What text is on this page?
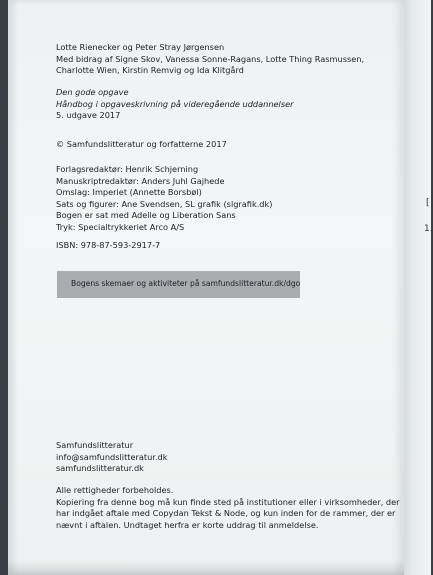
[
1.
Lotte Rienecker og Peter Stray Jørgensen
Med bidrag af Signe Skov, Vanessa Sonne-Ragans, Lotte Thing Rasmussen,
Charlotte Wien, Kirstin Remvig og Ida Klitgård
Den gode opgave
Håndbog i opgaveskrivning på videregående uddannelser
5. udgave 2017
© Samfundslitteratur og forfatterne 2017
Forlagsredaktør: Henrik Schjerning
Manuskriptredaktør: Anders Juhl Gajhede
Omslag: Imperiet (Annette Borsbøl)
Sats og figurer: Ane Svendsen, SL grafik (slgrafik.dk)
Bogen er sat med Adelle og Liberation Sans
Tryk: Specialtrykkeriet Arco A/S
ISBN: 978-87-593-2917-7
Bogens skemaer og aktiviteter på samfundslitteratur.dk/dgo
Samfundslitteratur
info@samfundslitteratur.dk
samfundslitteratur.dk
Alle rettigheder forbeholdes.
Kopiering fra denne bog må kun finde sted på institutioner eller i virksomheder, der
har indgået aftale med Copydan Tekst & Node, og kun inden for de rammer, der er
nævnt i aftalen. Undtaget herfra er korte uddrag til anmeldelse.
